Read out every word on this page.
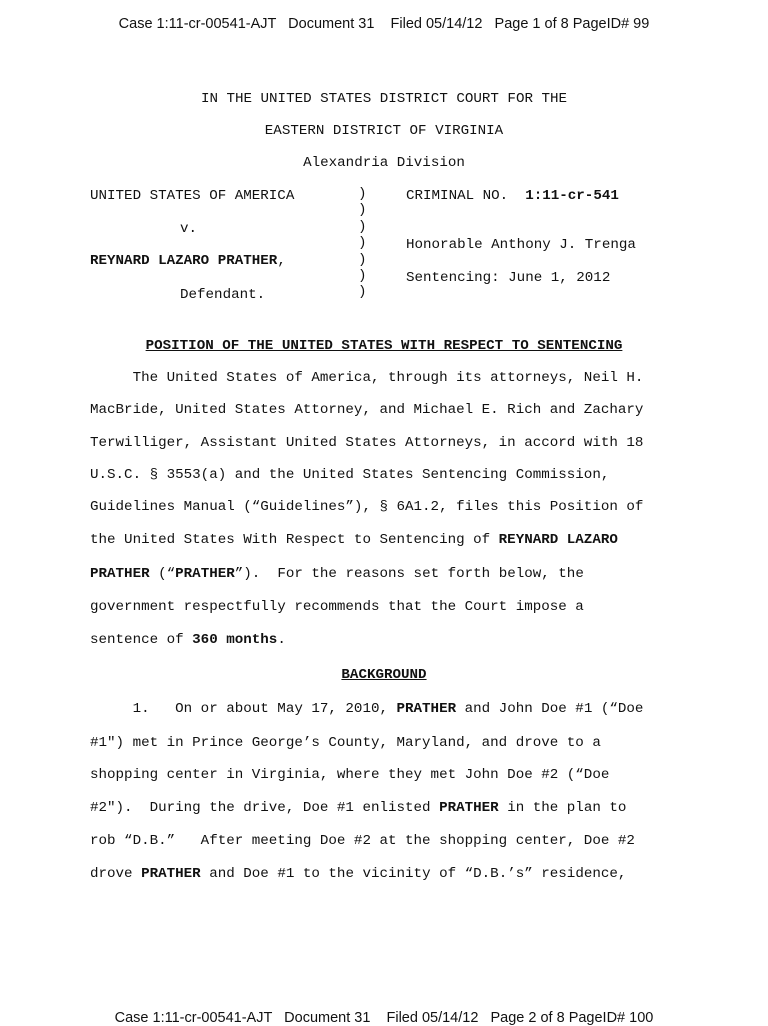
Case 1:11-cr-00541-AJT   Document 31    Filed 05/14/12   Page 1 of 8 PageID# 99
IN THE UNITED STATES DISTRICT COURT FOR THE
EASTERN DISTRICT OF VIRGINIA
Alexandria Division
UNITED STATES OF AMERICA
v.
REYNARD LAZARO PRATHER,
Defendant.
)
)
)
)
)
)
)
CRIMINAL NO.  1:11-cr-541
Honorable Anthony J. Trenga
Sentencing: June 1, 2012
POSITION OF THE UNITED STATES WITH RESPECT TO SENTENCING
The United States of America, through its attorneys, Neil H.
MacBride, United States Attorney, and Michael E. Rich and Zachary
Terwilliger, Assistant United States Attorneys, in accord with 18
U.S.C. § 3553(a) and the United States Sentencing Commission,
Guidelines Manual (“Guidelines”), § 6A1.2, files this Position of
the United States With Respect to Sentencing of REYNARD LAZARO
PRATHER (“PRATHER”).  For the reasons set forth below, the
government respectfully recommends that the Court impose a
sentence of 360 months.
BACKGROUND
1.   On or about May 17, 2010, PRATHER and John Doe #1 (“Doe
#1") met in Prince George’s County, Maryland, and drove to a
shopping center in Virginia, where they met John Doe #2 (“Doe
#2").  During the drive, Doe #1 enlisted PRATHER in the plan to
rob “D.B.”   After meeting Doe #2 at the shopping center, Doe #2
drove PRATHER and Doe #1 to the vicinity of “D.B.’s” residence,
Case 1:11-cr-00541-AJT   Document 31    Filed 05/14/12   Page 2 of 8 PageID# 100
